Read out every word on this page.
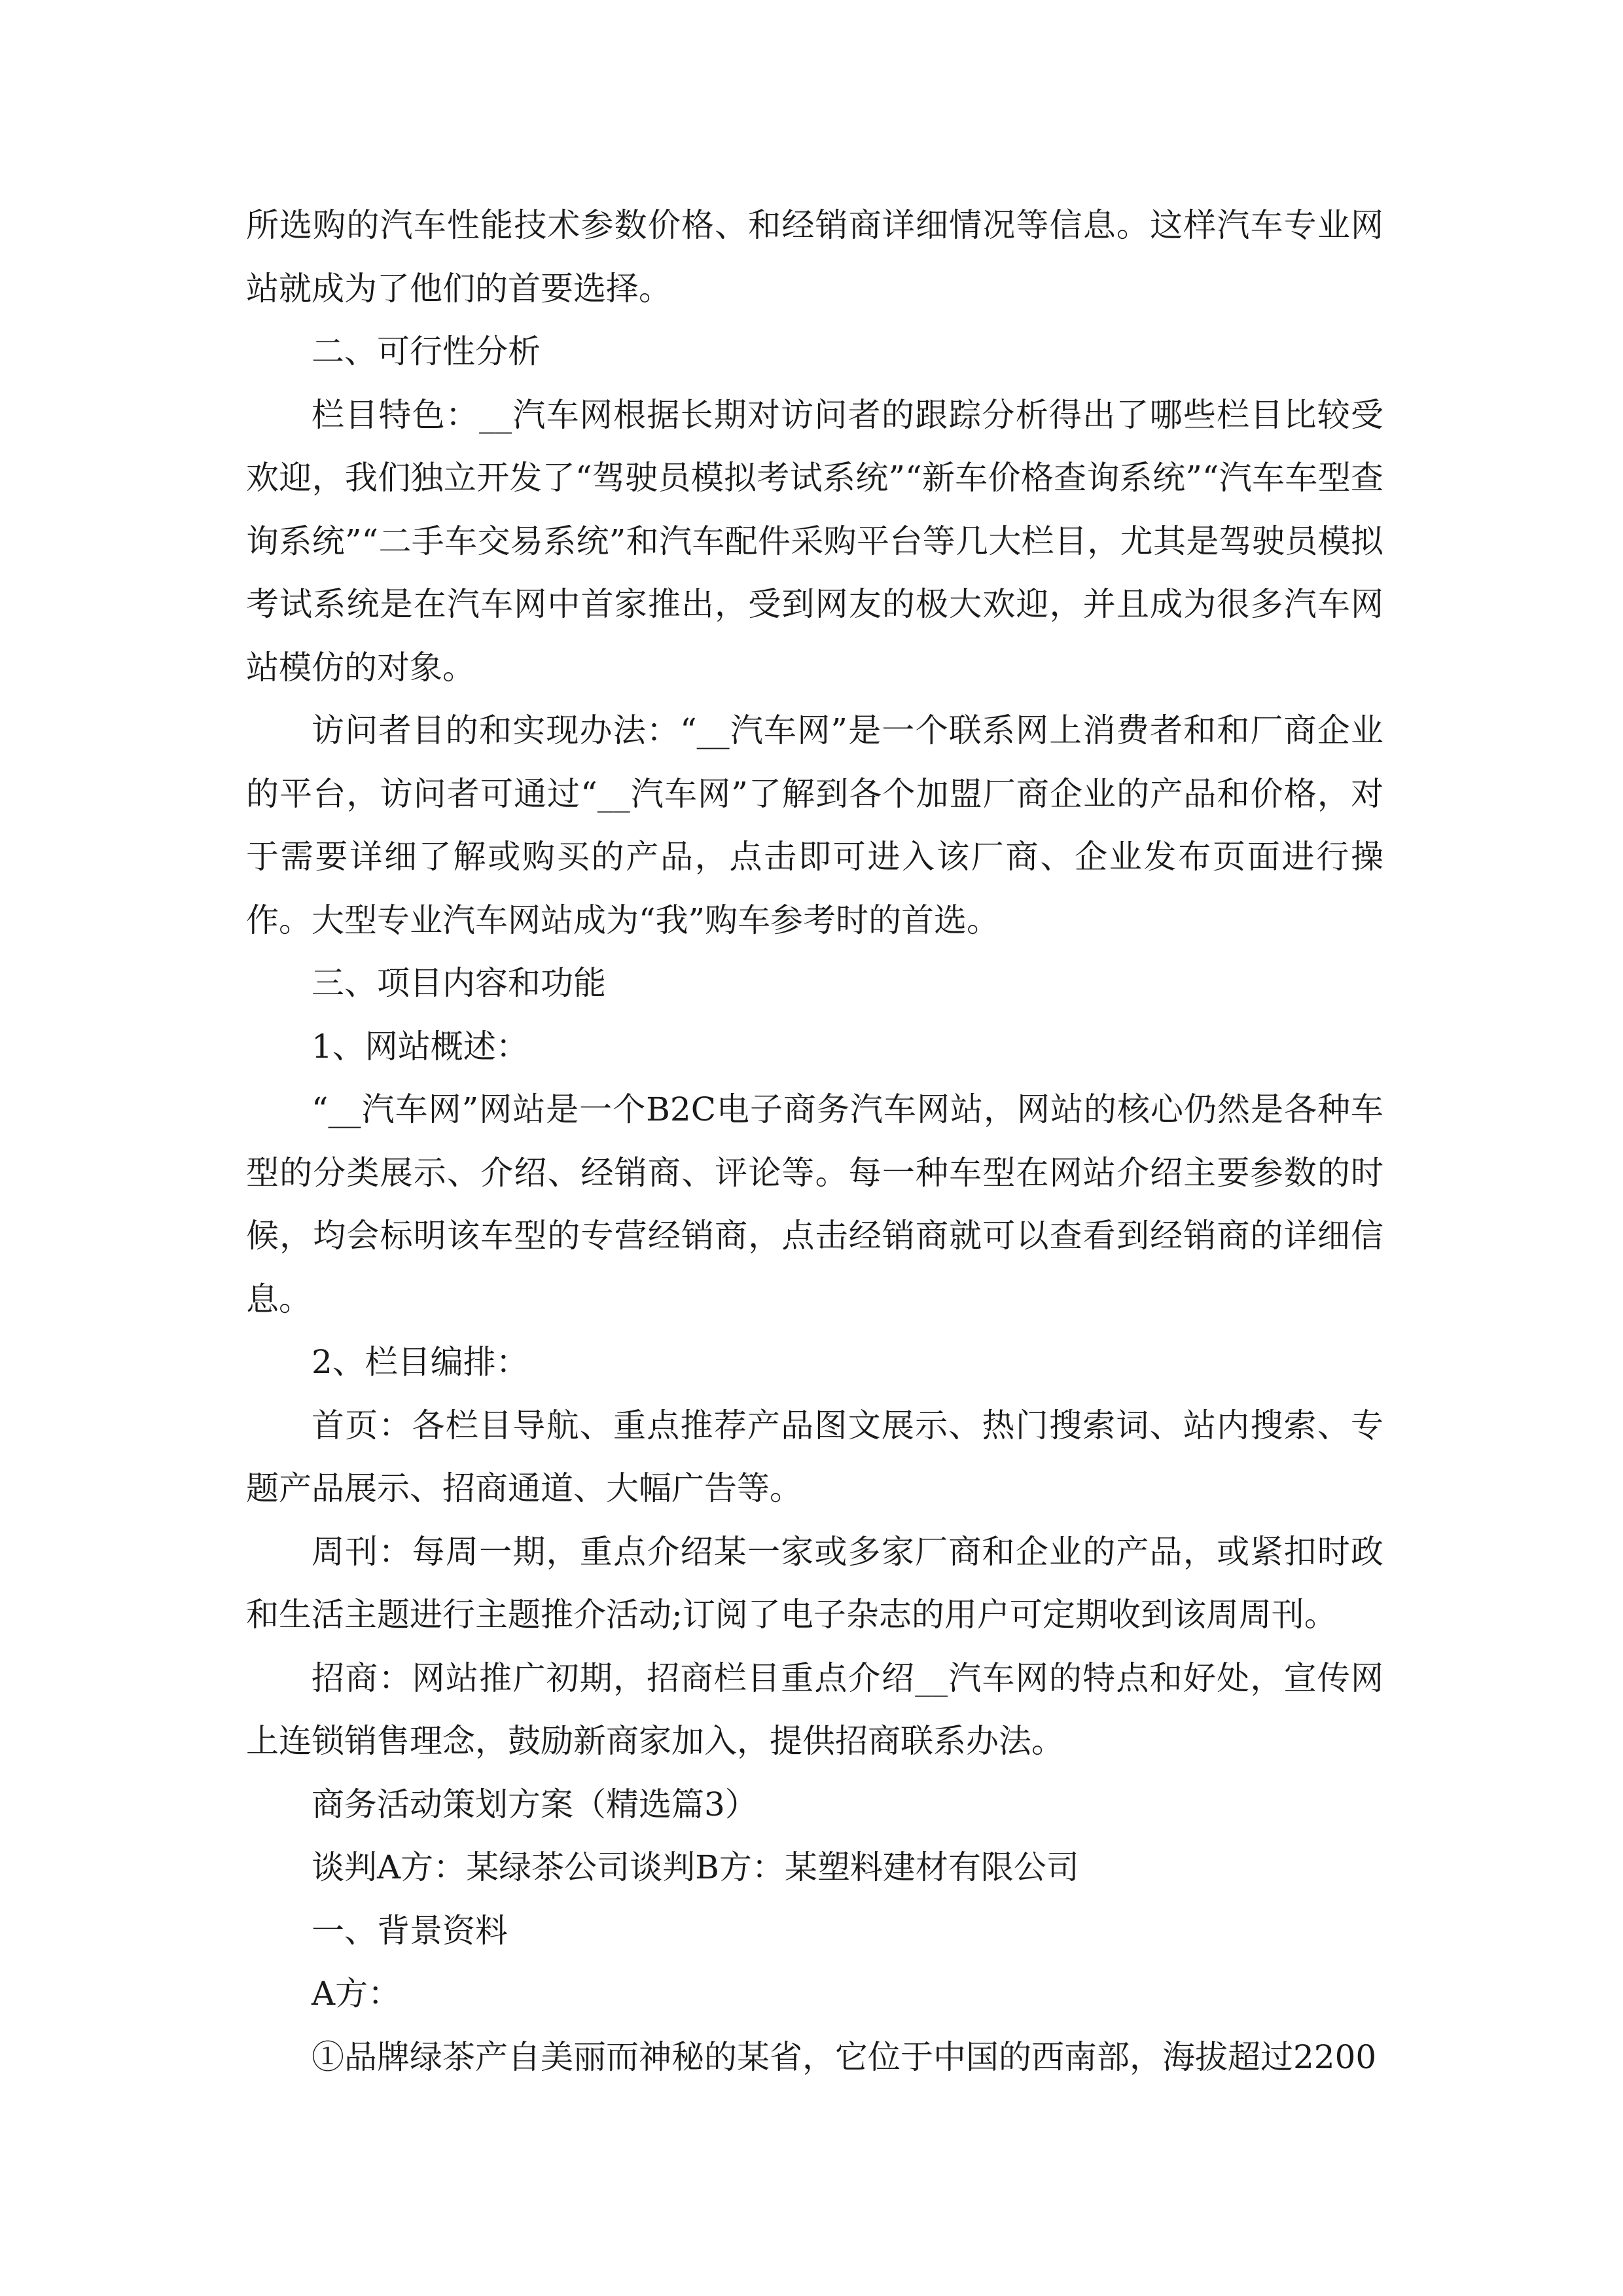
所选购的汽车性能技术参数价格、和经销商详细情况等信息。这样汽车专业网站就成为了他们的首要选择。

二、可行性分析

栏目特色：__汽车网根据长期对访问者的跟踪分析得出了哪些栏目比较受欢迎，我们独立开发了“驾驶员模拟考试系统”“新车价格查询系统”“汽车车型查询系统”“二手车交易系统”和汽车配件采购平台等几大栏目，尤其是驾驶员模拟考试系统是在汽车网中首家推出，受到网友的极大欢迎，并且成为很多汽车网站模仿的对象。

访问者目的和实现办法：“__汽车网”是一个联系网上消费者和和厂商企业的平台，访问者可通过“__汽车网”了解到各个加盟厂商企业的产品和价格，对于需要详细了解或购买的产品，点击即可进入该厂商、企业发布页面进行操作。大型专业汽车网站成为“我”购车参考时的首选。

三、项目内容和功能

1、网站概述：

“__汽车网”网站是一个B2C电子商务汽车网站，网站的核心仍然是各种车型的分类展示、介绍、经销商、评论等。每一种车型在网站介绍主要参数的时候，均会标明该车型的专营经销商，点击经销商就可以查看到经销商的详细信息。

2、栏目编排：

首页：各栏目导航、重点推荐产品图文展示、热门搜索词、站内搜索、专题产品展示、招商通道、大幅广告等。

周刊：每周一期，重点介绍某一家或多家厂商和企业的产品，或紧扣时政和生活主题进行主题推介活动;订阅了电子杂志的用户可定期收到该周周刊。

招商：网站推广初期，招商栏目重点介绍__汽车网的特点和好处，宣传网上连锁销售理念，鼓励新商家加入，提供招商联系办法。

商务活动策划方案（精选篇3）

谈判A方：某绿茶公司谈判B方：某塑料建材有限公司

一、背景资料

A方：

①品牌绿茶产自美丽而神秘的某省，它位于中国的西南部，海拔超过2200
